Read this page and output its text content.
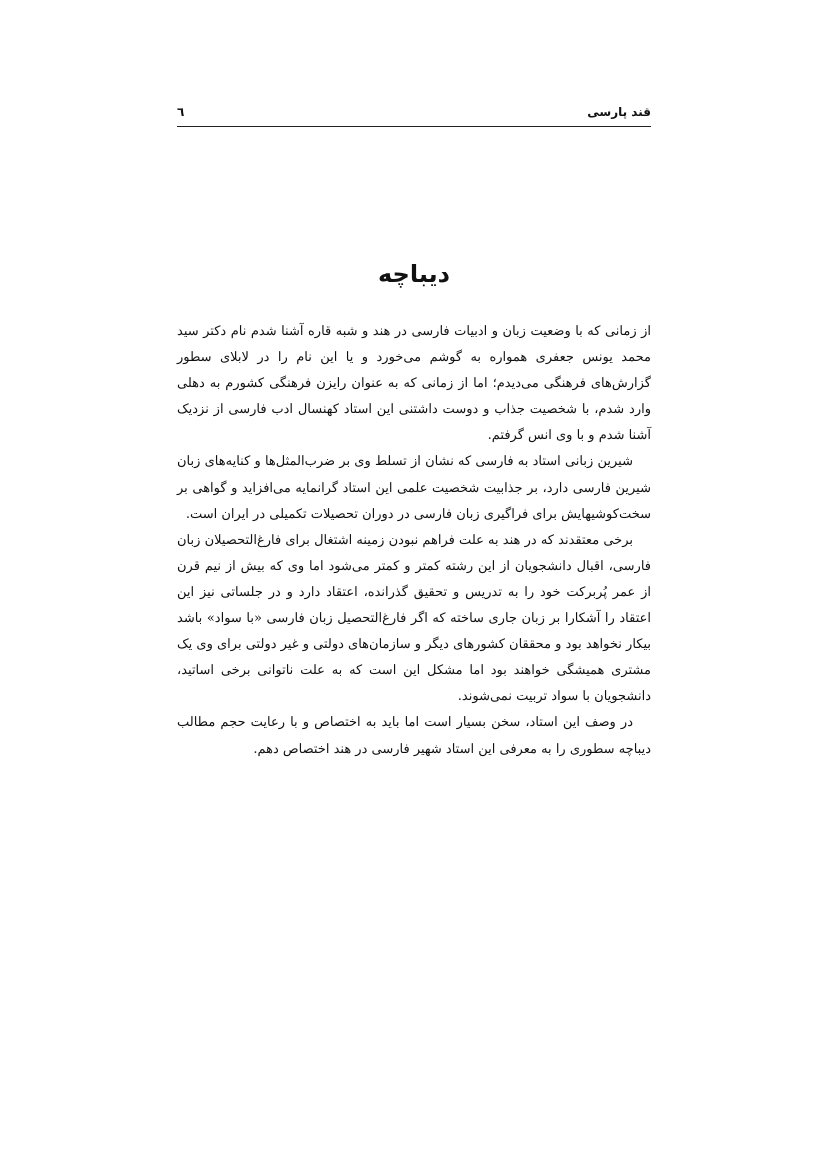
قند پارسی
٦
دیباچه

از زمانی که با وضعیت زبان و ادبیات فارسی در هند و شبه قاره آشنا شدم نام دکتر سید محمد یونس جعفری همواره به گوشم می‌خورد و یا این نام را در لابلای سطور گزارش‌های فرهنگی می‌دیدم؛ اما از زمانی که به عنوان رایزن فرهنگی کشورم به دهلی وارد شدم، با شخصیت جذاب و دوست داشتنی این استاد کهنسال ادب فارسی از نزدیک آشنا شدم و با وی انس گرفتم.

شیرین زبانی استاد به فارسی که نشان از تسلط وی بر ضرب‌المثل‌ها و کنایه‌های زبان شیرین فارسی دارد، بر جذابیت شخصیت علمی این استاد گرانمایه می‌افزاید و گواهی بر سخت‌کوشیهایش برای فراگیری زبان فارسی در دوران تحصیلات تکمیلی در ایران است.

برخی معتقدند که در هند به علت فراهم نبودن زمینه اشتغال برای فارغ‌التحصیلان زبان فارسی، اقبال دانشجویان از این رشته کمتر و کمتر می‌شود اما وی که بیش از نیم قرن از عمر پُربرکت خود را به تدریس و تحقیق گذرانده، اعتقاد دارد و در جلساتی نیز این اعتقاد را آشکارا بر زبان جاری ساخته که اگر فارغ‌التحصیل زبان فارسی «با سواد» باشد بیکار نخواهد بود و محققان کشورهای دیگر و سازمان‌های دولتی و غیر دولتی برای وی یک مشتری همیشگی خواهند بود اما مشکل این است که به علت ناتوانی برخی اساتید، دانشجویان با سواد تربیت نمی‌شوند.

در وصف این استاد، سخن بسیار است اما باید به اختصاص و با رعایت حجم مطالب دیباچه سطوری را به معرفی این استاد شهیر فارسی در هند اختصاص دهم.
